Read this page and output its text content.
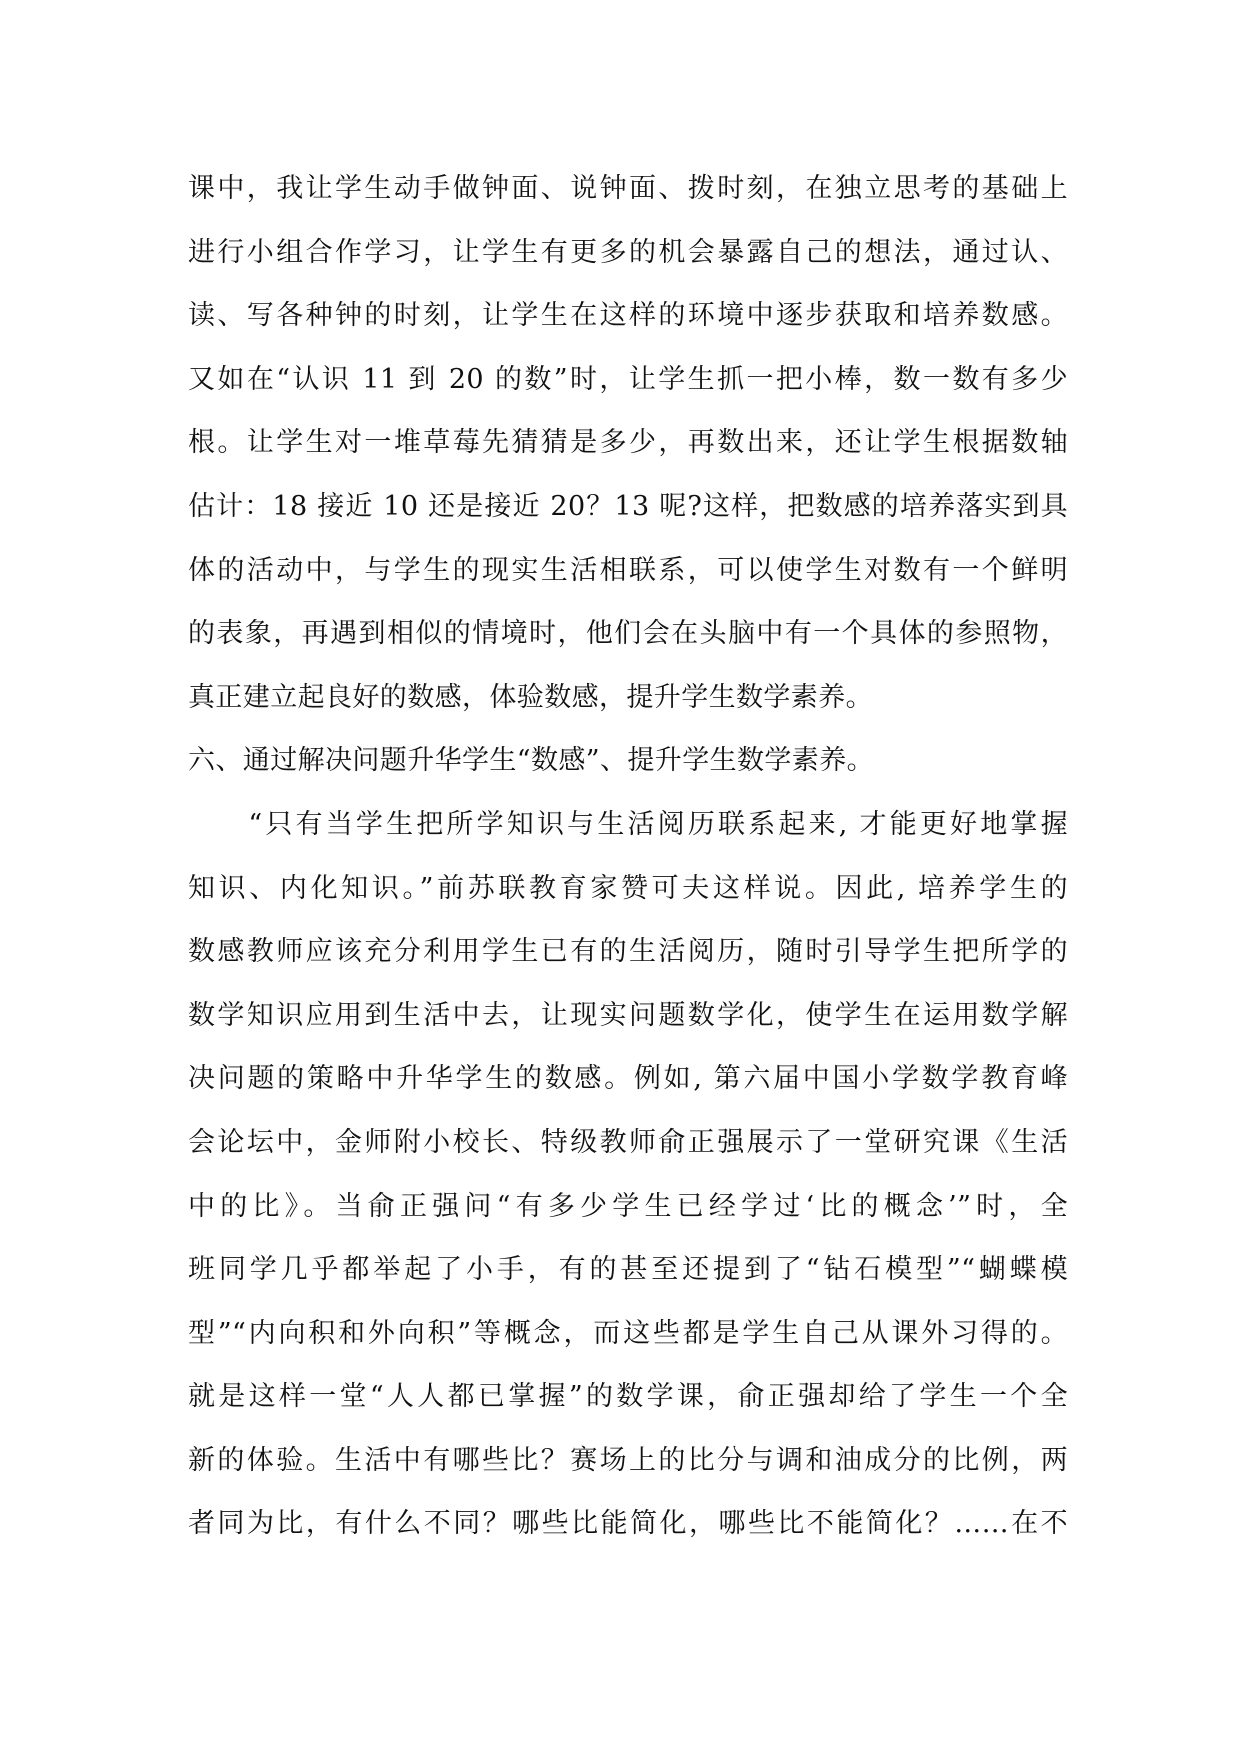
课中，我让学生动手做钟面、说钟面、拨时刻，在独立思考的基础上
进行小组合作学习，让学生有更多的机会暴露自己的想法，通过认、
读、写各种钟的时刻，让学生在这样的环境中逐步获取和培养数感。
又如在“认识 11 到 20 的数”时，让学生抓一把小棒，数一数有多少
根。让学生对一堆草莓先猜猜是多少，再数出来，还让学生根据数轴
估计：18 接近 10 还是接近 20？13 呢?这样，把数感的培养落实到具
体的活动中，与学生的现实生活相联系，可以使学生对数有一个鲜明
的表象，再遇到相似的情境时，他们会在头脑中有一个具体的参照物，
真正建立起良好的数感，体验数感，提升学生数学素养。
六、通过解决问题升华学生“数感”、提升学生数学素养。
　　“只有当学生把所学知识与生活阅历联系起来, 才能更好地掌握
知识、内化知识。”前苏联教育家赞可夫这样说。因此, 培养学生的
数感教师应该充分利用学生已有的生活阅历，随时引导学生把所学的
数学知识应用到生活中去，让现实问题数学化，使学生在运用数学解
决问题的策略中升华学生的数感。例如, 第六届中国小学数学教育峰
会论坛中，金师附小校长、特级教师俞正强展示了一堂研究课《生活
中的比》。当俞正强问“有多少学生已经学过‘比的概念’”时，全
班同学几乎都举起了小手，有的甚至还提到了“钻石模型”“蝴蝶模
型”“内向积和外向积”等概念，而这些都是学生自己从课外习得的。
就是这样一堂“人人都已掌握”的数学课，俞正强却给了学生一个全
新的体验。生活中有哪些比？赛场上的比分与调和油成分的比例，两
者同为比，有什么不同？哪些比能简化，哪些比不能简化？……在不
